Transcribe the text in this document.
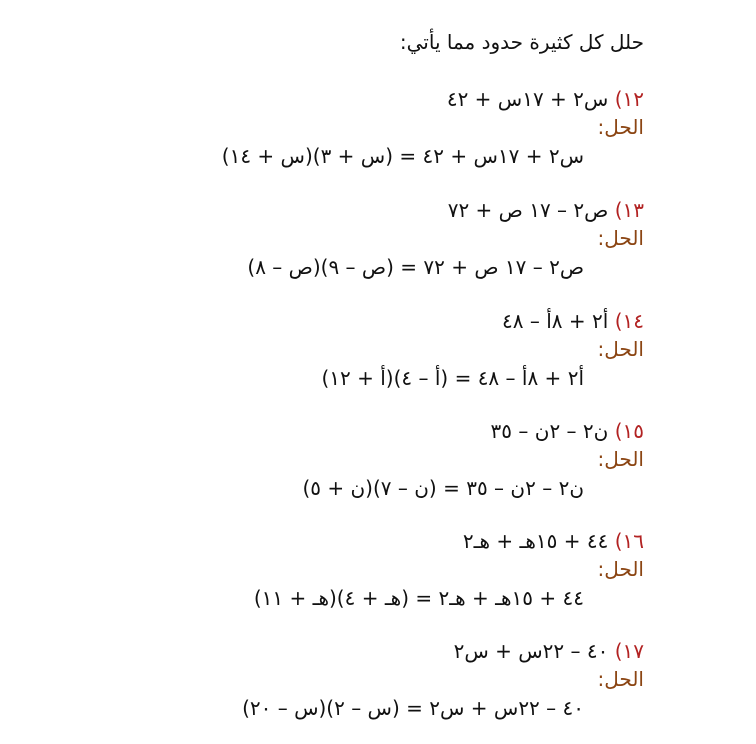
حلل كل كثيرة حدود مما يأتي:
١٢) س٢ + ١٧س + ٤٢
الحل:
س٢ + ١٧س + ٤٢ = (س + ٣)(س + ١٤)
١٣) ص٢ – ١٧ ص + ٧٢
الحل:
ص٢ – ١٧ ص + ٧٢ = (ص – ٩)(ص – ٨)
١٤) أ٢ + ٨أ – ٤٨
الحل:
أ٢ + ٨أ – ٤٨ = (أ – ٤)(أ + ١٢)
١٥) ن٢ – ٢ن – ٣٥
الحل:
ن٢ – ٢ن – ٣٥ = (ن – ٧)(ن + ٥)
١٦) ٤٤ + ١٥هـ + هـ٢
الحل:
٤٤ + ١٥هـ + هـ٢ = (هـ + ٤)(هـ + ١١)
١٧) ٤٠ – ٢٢س + س٢
الحل:
٤٠ – ٢٢س + س٢ = (س – ٢)(س – ٢٠)
